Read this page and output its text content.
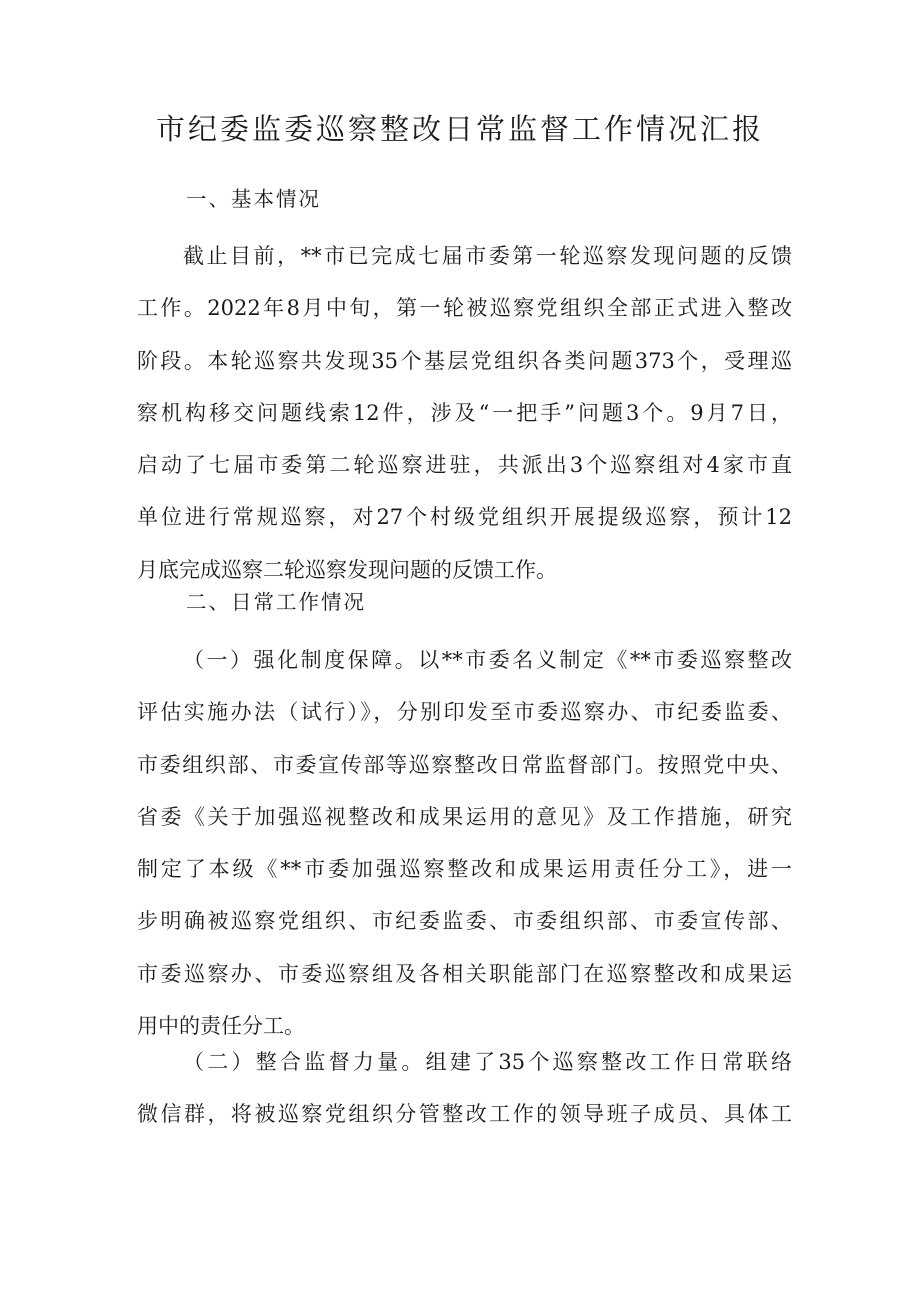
市纪委监委巡察整改日常监督工作情况汇报
一、基本情况
截止目前，**市已完成七届市委第一轮巡察发现问题的反馈
工作。2022年8月中旬，第一轮被巡察党组织全部正式进入整改
阶段。本轮巡察共发现35个基层党组织各类问题373个，受理巡
察机构移交问题线索12件，涉及“一把手”问题3个。9月7日，
启动了七届市委第二轮巡察进驻，共派出3个巡察组对4家市直
单位进行常规巡察，对27个村级党组织开展提级巡察，预计12
月底完成巡察二轮巡察发现问题的反馈工作。
二、日常工作情况
（一）强化制度保障。以**市委名义制定《**市委巡察整改
评估实施办法（试行）》，分别印发至市委巡察办、市纪委监委、
市委组织部、市委宣传部等巡察整改日常监督部门。按照党中央、
省委《关于加强巡视整改和成果运用的意见》及工作措施，研究
制定了本级《**市委加强巡察整改和成果运用责任分工》，进一
步明确被巡察党组织、市纪委监委、市委组织部、市委宣传部、
市委巡察办、市委巡察组及各相关职能部门在巡察整改和成果运
用中的责任分工。
（二）整合监督力量。组建了35个巡察整改工作日常联络
微信群，将被巡察党组织分管整改工作的领导班子成员、具体工
